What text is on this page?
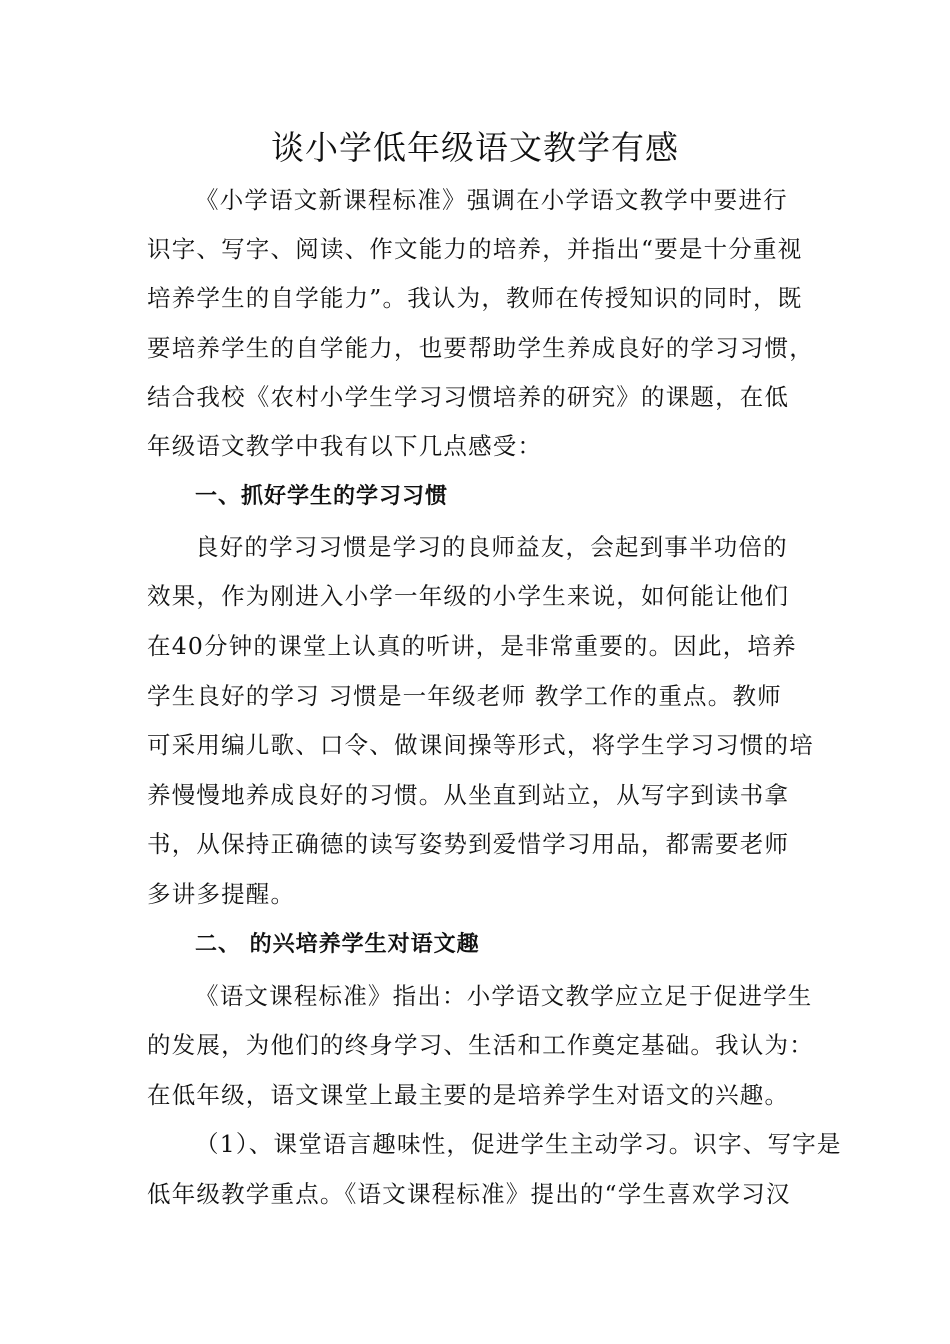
谈小学低年级语文教学有感
《小学语文新课程标准》强调在小学语文教学中要进行
识字、写字、阅读、作文能力的培养，并指出“要是十分重视
培养学生的自学能力”。我认为，教师在传授知识的同时，既
要培养学生的自学能力，也要帮助学生养成良好的学习习惯，
结合我校《农村小学生学习习惯培养的研究》的课题，在低
年级语文教学中我有以下几点感受：
一、抓好学生的学习习惯
良好的学习习惯是学习的良师益友，会起到事半功倍的
效果，作为刚进入小学一年级的小学生来说，如何能让他们
在40分钟的课堂上认真的听讲，是非常重要的。因此，培养
学生良好的学习 习惯是一年级老师 教学工作的重点。教师
可采用编儿歌、口令、做课间操等形式，将学生学习习惯的培
养慢慢地养成良好的习惯。从坐直到站立，从写字到读书拿
书，从保持正确德的读写姿势到爱惜学习用品，都需要老师
多讲多提醒。
二、 的兴培养学生对语文趣
《语文课程标准》指出：小学语文教学应立足于促进学生
的发展，为他们的终身学习、生活和工作奠定基础。我认为：
在低年级，语文课堂上最主要的是培养学生对语文的兴趣。
（1）、课堂语言趣味性，促进学生主动学习。识字、写字是
低年级教学重点。《语文课程标准》提出的“学生喜欢学习汉
